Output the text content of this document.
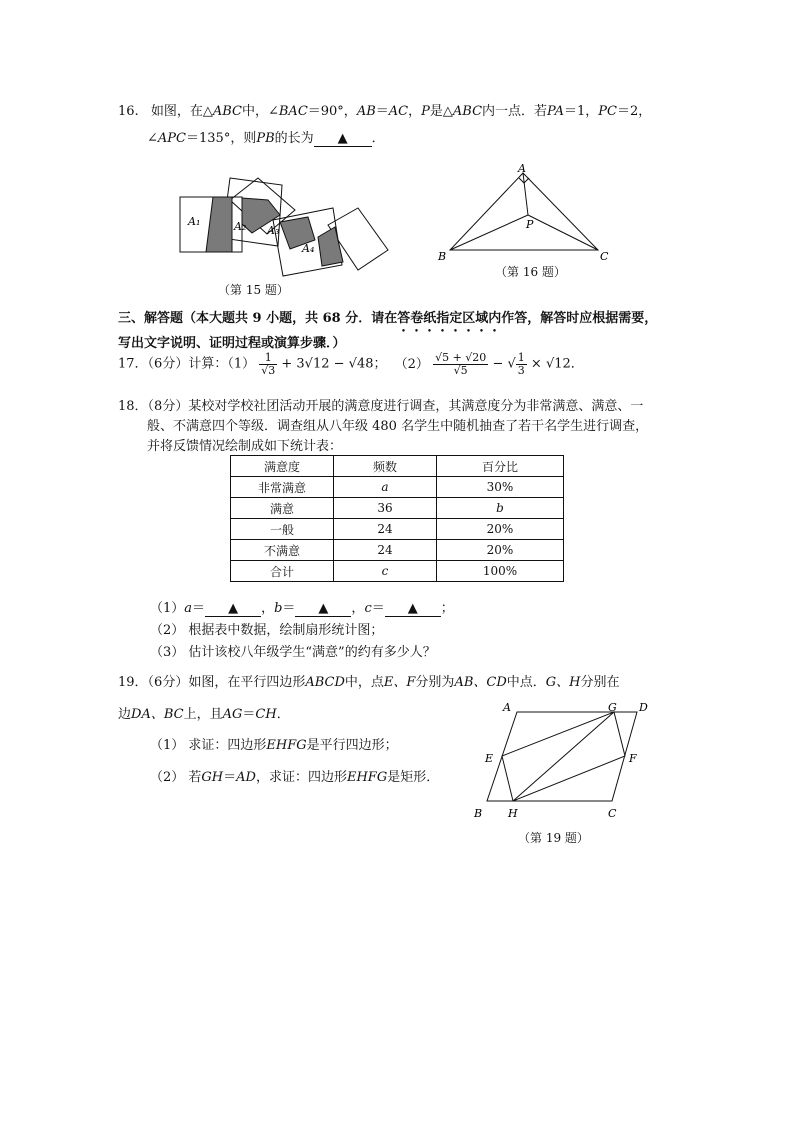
16. 如图，在△ABC中，∠BAC＝90°，AB＝AC，P是△ABC内一点．若PA＝1，PC＝2，
∠APC＝135°，则PB的长为 ▲ ．
A₁	A₂ A₃
A₄
（第 15 题）
A
P
B	C
（第 16 题）
三、解答题（本大题共 9 小题，共 68 分．请在答卷纸指定区域内作答，解答时应根据需要，
写出文字说明、证明过程或演算步骤．）
17．（6分）计算：$(1) \frac{1}{√3} + 3√12 - √48$； $(2) \frac{√5 + √20}{√5}$ − √ $\frac{1}{3} \times √12$．
18．（8分）某校对学校社团活动开展的满意度进行调查，其满意度分为非常满意、满意、一
般、不满意四个等级．调查组从八年级 480 名学生中随机抽查了若干名学生进行调查，
并将反馈情况绘制成如下统计表：
满意度	频数	百分比
非常满意	a	30%
满意	36	b
一般	24	20%
不满意	24	20%
合计	c	100%
（1）a＝ ▲ ，b＝ ▲ ，c＝ ▲ ；
（2） 根据表中数据，绘制扇形统计图；
（3） 估计该校八年级学生“满意”的约有多少人？
19．（6分）如图，在平行四边形ABCD中，点E、F分别为AB、CD中点．G、H分别在
边DA、BC上，且AG＝CH．
（1） 求证：四边形EHFG是平行四边形；
（2） 若GH＝AD，求证：四边形EHFG是矩形．
A	G D
E	F
B H	C
（第 19 题）
